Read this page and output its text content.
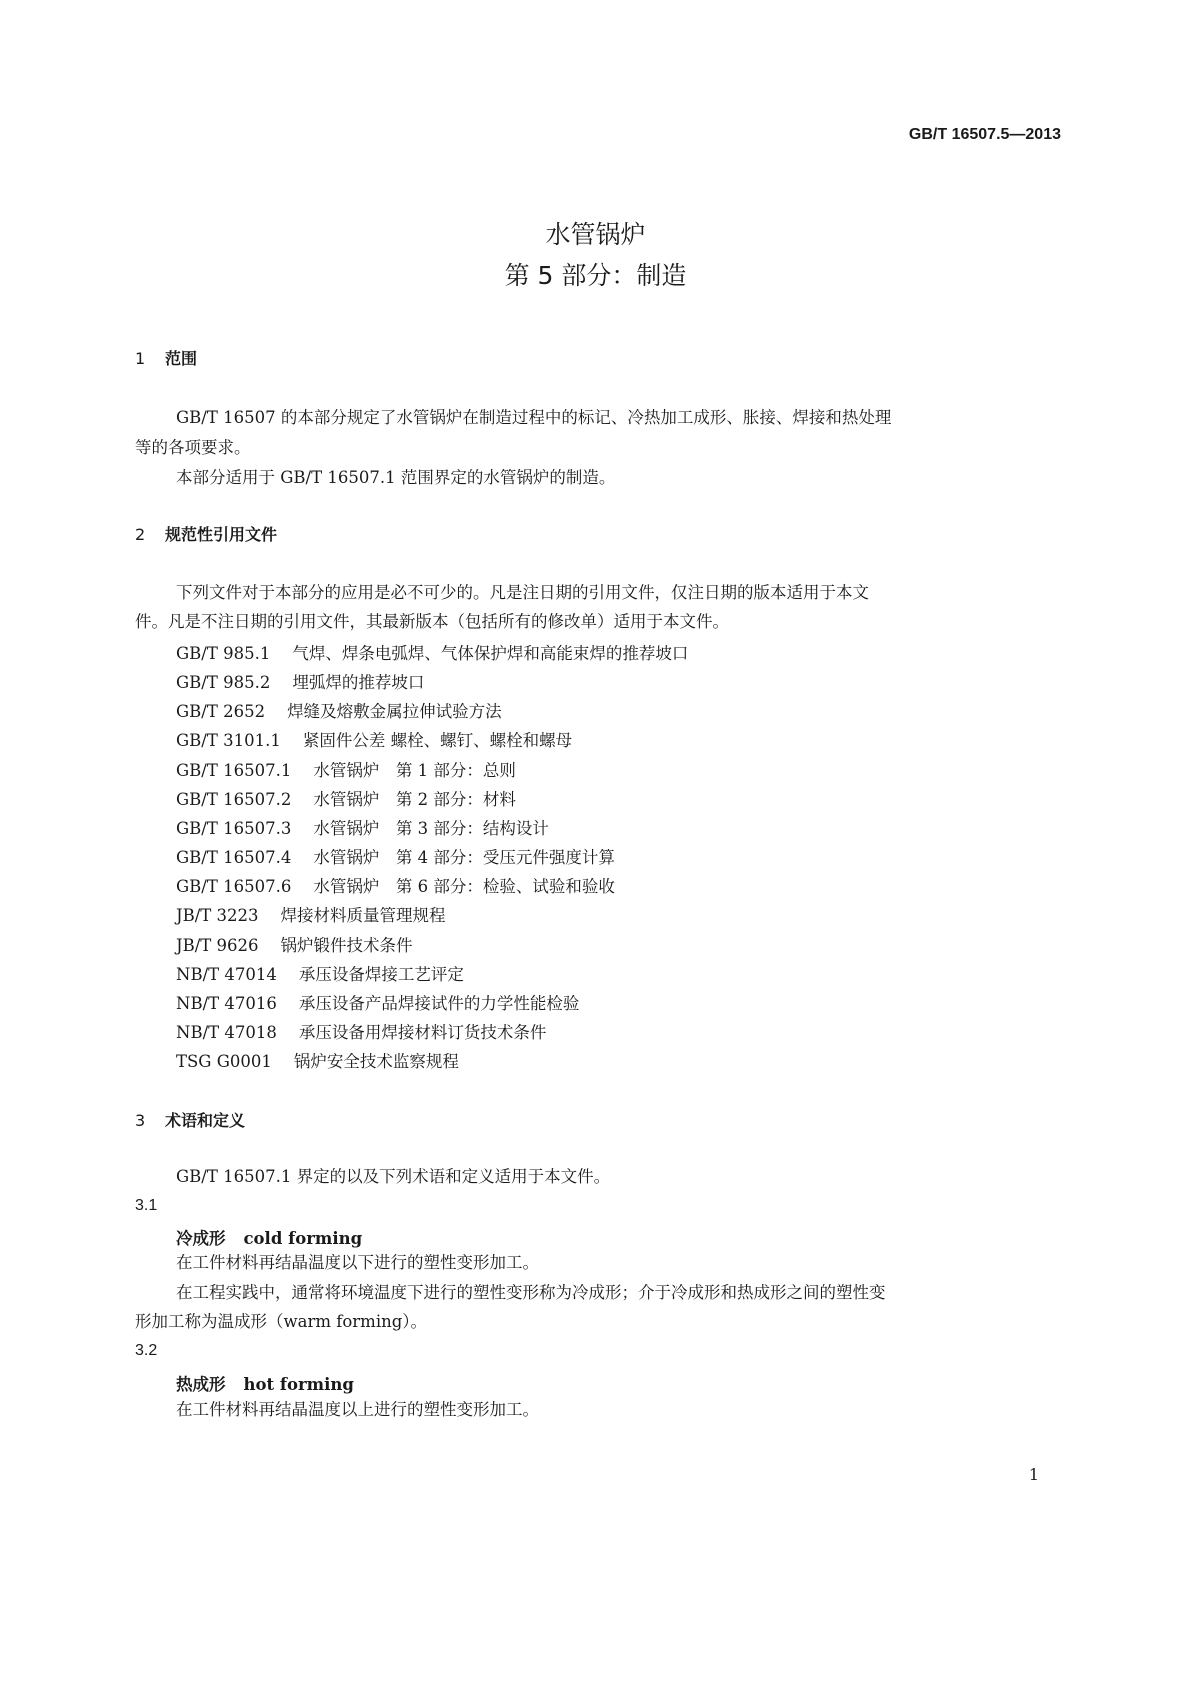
GB/T 16507.5—2013
水管锅炉
第 5 部分：制造
1 范围
GB/T 16507 的本部分规定了水管锅炉在制造过程中的标记、冷热加工成形、胀接、焊接和热处理
等的各项要求。
本部分适用于 GB/T 16507.1 范围界定的水管锅炉的制造。
2 规范性引用文件
下列文件对于本部分的应用是必不可少的。凡是注日期的引用文件，仅注日期的版本适用于本文
件。凡是不注日期的引用文件，其最新版本（包括所有的修改单）适用于本文件。
GB/T 985.1 气焊、焊条电弧焊、气体保护焊和高能束焊的推荐坡口
GB/T 985.2 埋弧焊的推荐坡口
GB/T 2652 焊缝及熔敷金属拉伸试验方法
GB/T 3101.1 紧固件公差 螺栓、螺钉、螺栓和螺母
GB/T 16507.1 水管锅炉　第 1 部分：总则
GB/T 16507.2 水管锅炉　第 2 部分：材料
GB/T 16507.3 水管锅炉　第 3 部分：结构设计
GB/T 16507.4 水管锅炉　第 4 部分：受压元件强度计算
GB/T 16507.6 水管锅炉　第 6 部分：检验、试验和验收
JB/T 3223 焊接材料质量管理规程
JB/T 9626 锅炉锻件技术条件
NB/T 47014 承压设备焊接工艺评定
NB/T 47016 承压设备产品焊接试件的力学性能检验
NB/T 47018 承压设备用焊接材料订货技术条件
TSG G0001 锅炉安全技术监察规程
3 术语和定义
GB/T 16507.1 界定的以及下列术语和定义适用于本文件。
3.1
冷成形 cold forming
在工件材料再结晶温度以下进行的塑性变形加工。
在工程实践中，通常将环境温度下进行的塑性变形称为冷成形；介于冷成形和热成形之间的塑性变
形加工称为温成形（warm forming）。
3.2
热成形 hot forming
在工件材料再结晶温度以上进行的塑性变形加工。
1
